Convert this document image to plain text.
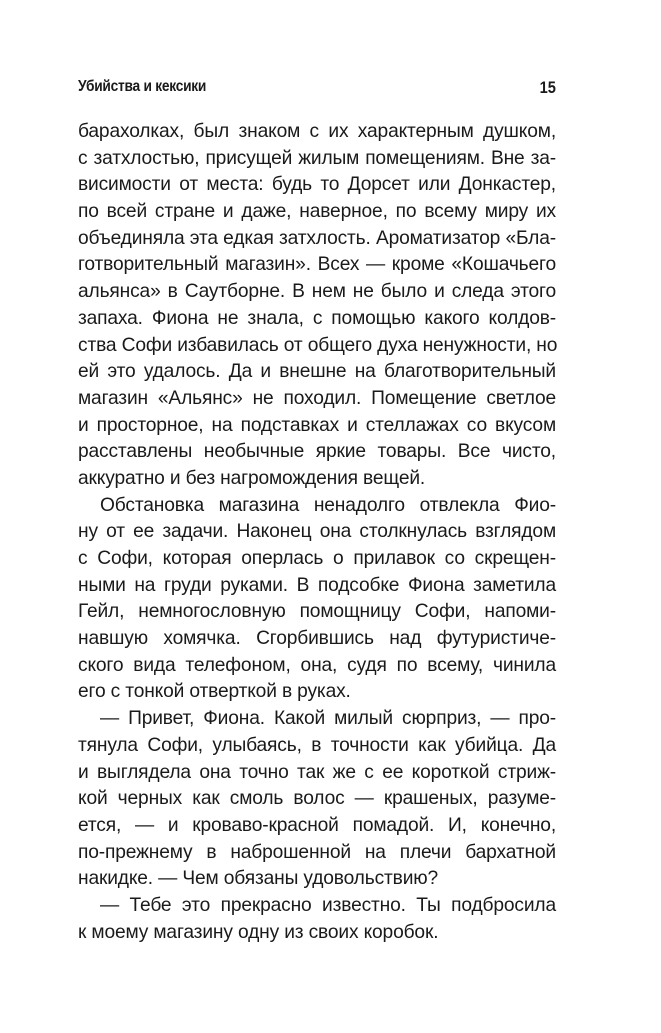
Убийства и кексики	15
барахолках, был знаком с их характерным душком,
с затхлостью, присущей жилым помещениям. Вне за-
висимости от места: будь то Дорсет или Донкастер,
по всей стране и даже, наверное, по всему миру их
объединяла эта едкая затхлость. Ароматизатор «Бла-
готворительный магазин». Всех — кроме «Кошачьего
альянса» в Саутборне. В нем не было и следа этого
запаха. Фиона не знала, с помощью какого колдов-
ства Софи избавилась от общего духа ненужности, но
ей это удалось. Да и внешне на благотворительный
магазин «Альянс» не походил. Помещение светлое
и просторное, на подставках и стеллажах со вкусом
расставлены необычные яркие товары. Все чисто,
аккуратно и без нагромождения вещей.
Обстановка магазина ненадолго отвлекла Фио-
ну от ее задачи. Наконец она столкнулась взглядом
с Софи, которая оперлась о прилавок со скрещен-
ными на груди руками. В подсобке Фиона заметила
Гейл, немногословную помощницу Софи, напоми-
навшую хомячка. Сгорбившись над футуристиче-
ского вида телефоном, она, судя по всему, чинила
его с тонкой отверткой в руках.
— Привет, Фиона. Какой милый сюрприз, — про-
тянула Софи, улыбаясь, в точности как убийца. Да
и выглядела она точно так же с ее короткой стриж-
кой черных как смоль волос — крашеных, разуме-
ется, — и кроваво-красной помадой. И, конечно,
по-прежнему в наброшенной на плечи бархатной
накидке. — Чем обязаны удовольствию?
— Тебе это прекрасно известно. Ты подбросила
к моему магазину одну из своих коробок.
